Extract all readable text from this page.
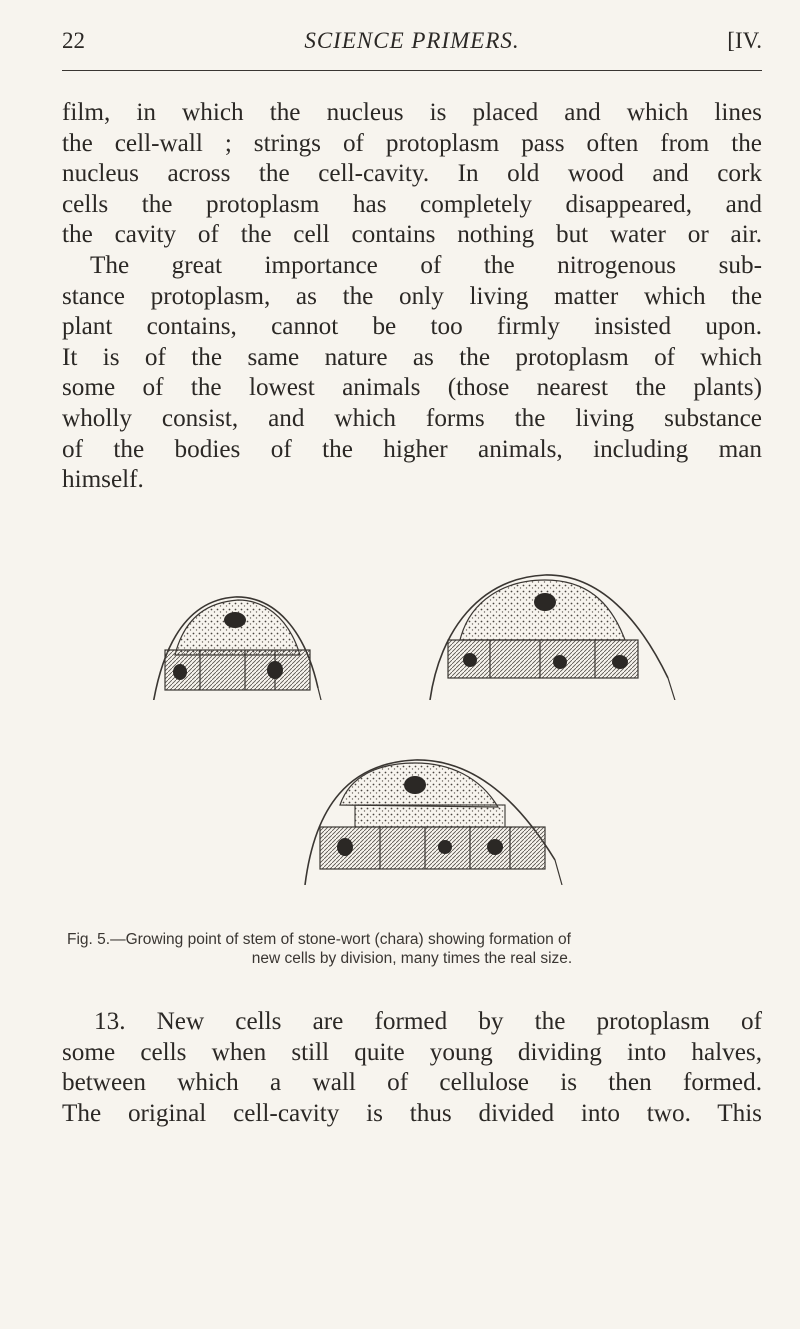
22	SCIENCE PRIMERS.	[IV.

film, in which the nucleus is placed and which lines
the cell-wall ; strings of protoplasm pass often from the
nucleus across the cell-cavity. In old wood and cork
cells the protoplasm has completely disappeared, and
the cavity of the cell contains nothing but water or air.
The great importance of the nitrogenous sub-
stance protoplasm, as the only living matter which the
plant contains, cannot be too firmly insisted upon.
It is of the same nature as the protoplasm of which
some of the lowest animals (those nearest the plants)
wholly consist, and which forms the living substance
of the bodies of the higher animals, including man
himself.

Fig. 5.—Growing point of stem of stone-wort (chara) showing formation of
new cells by division, many times the real size.

13. New cells are formed by the protoplasm of
some cells when still quite young dividing into halves,
between which a wall of cellulose is then formed.
The original cell-cavity is thus divided into two. This
